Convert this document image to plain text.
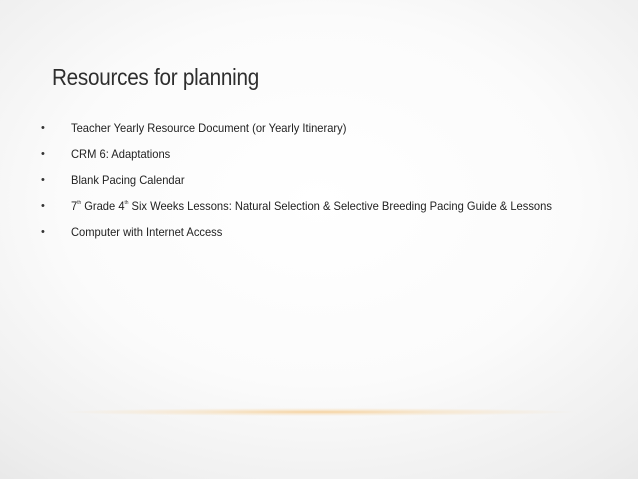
Resources for planning
• Teacher Yearly Resource Document (or Yearly Itinerary)
• CRM 6: Adaptations
• Blank Pacing Calendar
• 7th Grade 4th Six Weeks Lessons: Natural Selection & Selective Breeding Pacing Guide & Lessons
• Computer with Internet Access
